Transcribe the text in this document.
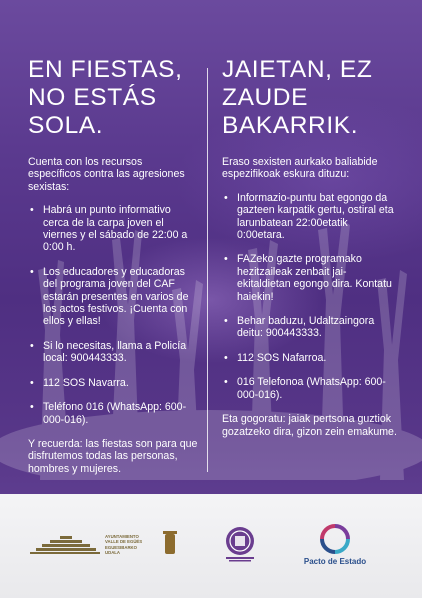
EN FIESTAS,
NO ESTÁS
SOLA.

Cuenta con los recursos específicos contra las agresiones sexistas:

• Habrá un punto informativo cerca de la carpa joven el viernes y el sábado de 22:00 a 0:00 h.
• Los educadores y educadoras del programa joven del CAF estarán presentes en varios de los actos festivos. ¡Cuenta con ellos y ellas!
• Si lo necesitas, llama a Policía local: 900443333.
• 112 SOS Navarra.
• Teléfono 016 (WhatsApp: 600-000-016).

Y recuerda: las fiestas son para que disfrutemos todas las personas, hombres y mujeres.

JAIETAN, EZ
ZAUDE
BAKARRIK.

Eraso sexisten aurkako baliabide espezifikoak eskura dituzu:

• Informazio-puntu bat egongo da gazteen karpatik gertu, ostiral eta larunbatean 22:00etatik 0:00etara.
• FAZeko gazte programako hezitzaileak zenbait jai-ekitaldietan egongo dira. Kontatu haiekin!
• Behar baduzu, Udaltzaingora deitu: 900443333.
• 112 SOS Nafarroa.
• 016 Telefonoa (WhatsApp: 600-000-016).

Eta gogoratu: jaiak pertsona guztiok gozatzeko dira, gizon zein emakume.

AYUNTAMIENTO
VALLE DE EGÜÉS
EGUESIBARKO
UDALA
Pacto de Estado
